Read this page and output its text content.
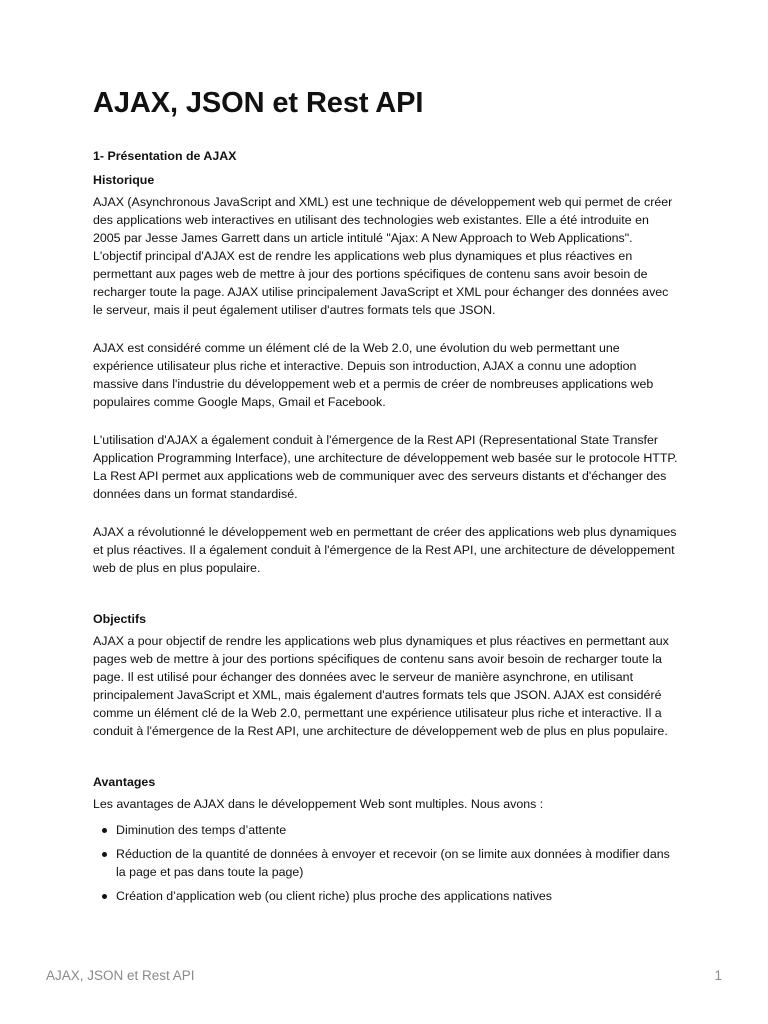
AJAX, JSON et Rest API
1- Présentation de AJAX
Historique

AJAX (Asynchronous JavaScript and XML) est une technique de développement web qui permet de créer des applications web interactives en utilisant des technologies web existantes. Elle a été introduite en 2005 par Jesse James Garrett dans un article intitulé "Ajax: A New Approach to Web Applications". L'objectif principal d'AJAX est de rendre les applications web plus dynamiques et plus réactives en permettant aux pages web de mettre à jour des portions spécifiques de contenu sans avoir besoin de recharger toute la page. AJAX utilise principalement JavaScript et XML pour échanger des données avec le serveur, mais il peut également utiliser d'autres formats tels que JSON.

AJAX est considéré comme un élément clé de la Web 2.0, une évolution du web permettant une expérience utilisateur plus riche et interactive. Depuis son introduction, AJAX a connu une adoption massive dans l'industrie du développement web et a permis de créer de nombreuses applications web populaires comme Google Maps, Gmail et Facebook.

L'utilisation d'AJAX a également conduit à l'émergence de la Rest API (Representational State Transfer Application Programming Interface), une architecture de développement web basée sur le protocole HTTP. La Rest API permet aux applications web de communiquer avec des serveurs distants et d'échanger des données dans un format standardisé.

AJAX a révolutionné le développement web en permettant de créer des applications web plus dynamiques et plus réactives. Il a également conduit à l'émergence de la Rest API, une architecture de développement web de plus en plus populaire.

Objectifs

AJAX a pour objectif de rendre les applications web plus dynamiques et plus réactives en permettant aux pages web de mettre à jour des portions spécifiques de contenu sans avoir besoin de recharger toute la page. Il est utilisé pour échanger des données avec le serveur de manière asynchrone, en utilisant principalement JavaScript et XML, mais également d'autres formats tels que JSON. AJAX est considéré comme un élément clé de la Web 2.0, permettant une expérience utilisateur plus riche et interactive. Il a conduit à l'émergence de la Rest API, une architecture de développement web de plus en plus populaire.

Avantages

Les avantages de AJAX dans le développement Web sont multiples. Nous avons :

Diminution des temps d’attente
Réduction de la quantité de données à envoyer et recevoir (on se limite aux données à modifier dans la page et pas dans toute la page)
Création d’application web (ou client riche) plus proche des applications natives
AJAX, JSON et Rest API	1
